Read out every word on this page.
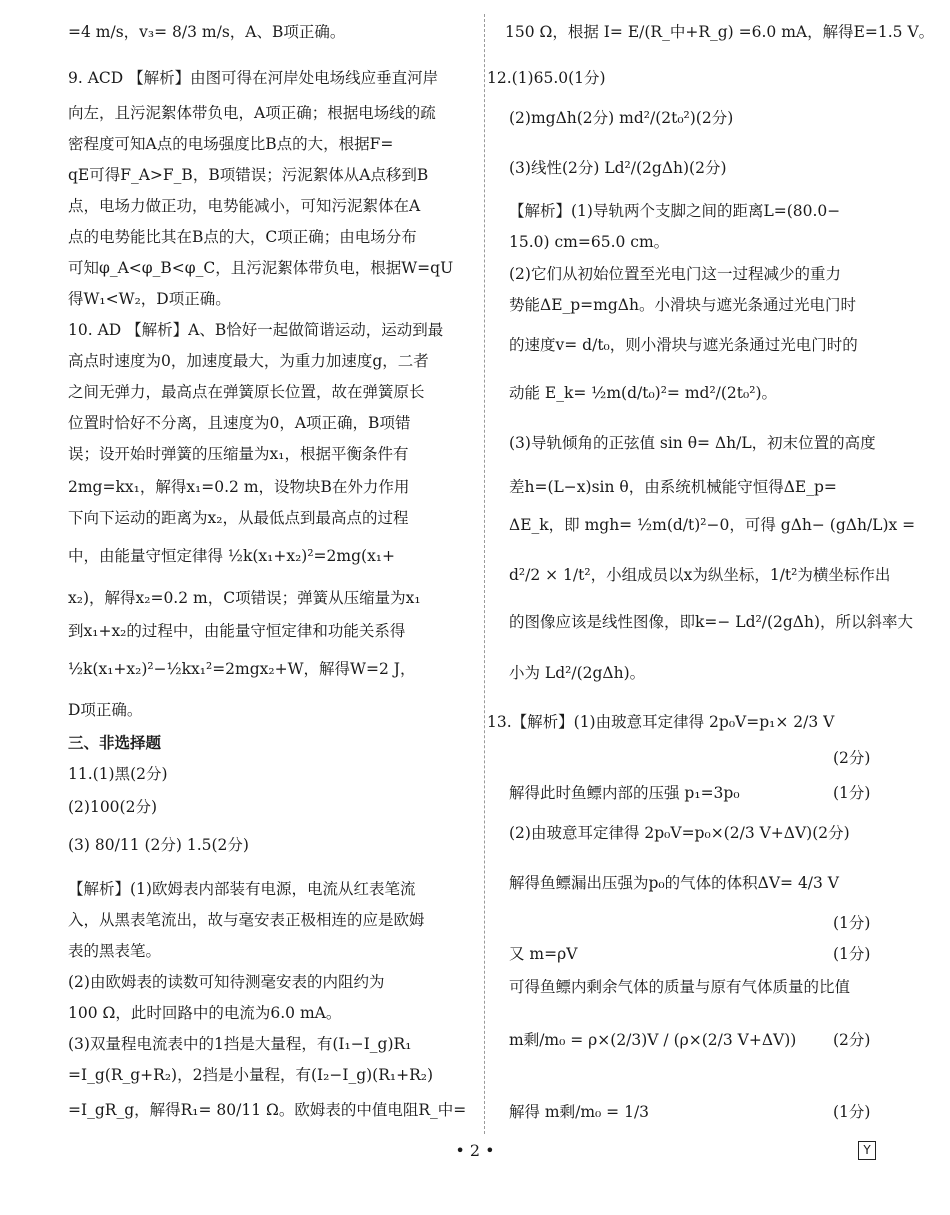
=4 m/s，v₃= 8/3 m/s，A、B项正确。
9. ACD 【解析】由图可得在河岸处电场线应垂直河岸
向左，且污泥絮体带负电，A项正确；根据电场线的疏
密程度可知A点的电场强度比B点的大，根据F=
qE可得F_A>F_B，B项错误；污泥絮体从A点移到B
点，电场力做正功，电势能减小，可知污泥絮体在A
点的电势能比其在B点的大，C项正确；由电场分布
可知φ_A<φ_B<φ_C，且污泥絮体带负电，根据W=qU
得W₁<W₂，D项正确。
10. AD 【解析】A、B恰好一起做简谐运动，运动到最
高点时速度为0，加速度最大，为重力加速度g，二者
之间无弹力，最高点在弹簧原长位置，故在弹簧原长
位置时恰好不分离，且速度为0，A项正确，B项错
误；设开始时弹簧的压缩量为x₁，根据平衡条件有
2mg=kx₁，解得x₁=0.2 m，设物块B在外力作用
下向下运动的距离为x₂，从最低点到最高点的过程
中，由能量守恒定律得 ½k(x₁+x₂)²=2mg(x₁+
x₂)，解得x₂=0.2 m，C项错误；弹簧从压缩量为x₁
到x₁+x₂的过程中，由能量守恒定律和功能关系得
½k(x₁+x₂)²−½kx₁²=2mgx₂+W，解得W=2 J，
D项正确。
三、非选择题
11.(1)黑(2分)
(2)100(2分)
(3) 80/11 (2分) 1.5(2分)
【解析】(1)欧姆表内部装有电源，电流从红表笔流
入，从黑表笔流出，故与毫安表正极相连的应是欧姆
表的黑表笔。
(2)由欧姆表的读数可知待测毫安表的内阻约为
100 Ω，此时回路中的电流为6.0 mA。
(3)双量程电流表中的1挡是大量程，有(I₁−I_g)R₁
=I_g(R_g+R₂)，2挡是小量程，有(I₂−I_g)(R₁+R₂)
=I_gR_g，解得R₁= 80/11 Ω。欧姆表的中值电阻R_中=
150 Ω，根据 I= E/(R_中+R_g) =6.0 mA，解得E=1.5 V。
12.(1)65.0(1分)
(2)mgΔh(2分) md²/(2t₀²)(2分)
(3)线性(2分) Ld²/(2gΔh)(2分)
【解析】(1)导轨两个支脚之间的距离L=(80.0−
15.0) cm=65.0 cm。
(2)它们从初始位置至光电门这一过程减少的重力
势能ΔE_p=mgΔh。小滑块与遮光条通过光电门时
的速度v= d/t₀，则小滑块与遮光条通过光电门时的
动能 E_k= ½m(d/t₀)²= md²/(2t₀²)。
(3)导轨倾角的正弦值 sin θ= Δh/L，初末位置的高度
差h=(L−x)sin θ，由系统机械能守恒得ΔE_p=
ΔE_k，即 mgh= ½m(d/t)²−0，可得 gΔh− (gΔh/L)x =
d²/2 × 1/t²，小组成员以x为纵坐标，1/t²为横坐标作出
的图像应该是线性图像，即k=− Ld²/(2gΔh)，所以斜率大
小为 Ld²/(2gΔh)。
13.【解析】(1)由玻意耳定律得 2p₀V=p₁× 2/3 V
(2分)
解得此时鱼鳔内部的压强 p₁=3p₀	(1分)
(2)由玻意耳定律得 2p₀V=p₀×(2/3 V+ΔV)(2分)
解得鱼鳔漏出压强为p₀的气体的体积ΔV= 4/3 V
(1分)
又 m=ρV	(1分)
可得鱼鳔内剩余气体的质量与原有气体质量的比值
m剩/m₀ = ρ×(2/3)V / (ρ×(2/3 V+ΔV)) (2分)
解得 m剩/m₀ = 1/3	(1分)
• 2 •	Y
